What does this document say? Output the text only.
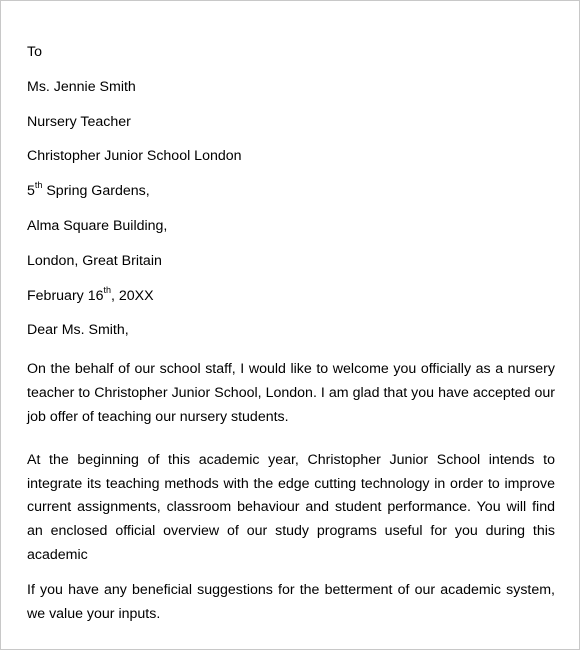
To
Ms. Jennie Smith
Nursery Teacher
Christopher Junior School London
5th Spring Gardens,
Alma Square Building,
London, Great Britain
February 16th, 20XX
Dear Ms. Smith,

On the behalf of our school staff, I would like to welcome you officially as a nursery teacher to Christopher Junior School, London. I am glad that you have accepted our job offer of teaching our nursery students.

At the beginning of this academic year, Christopher Junior School intends to integrate its teaching methods with the edge cutting technology in order to improve current assignments, classroom behaviour and student performance. You will find an enclosed official overview of our study programs useful for you during this academic

If you have any beneficial suggestions for the betterment of our academic system, we value your inputs.
